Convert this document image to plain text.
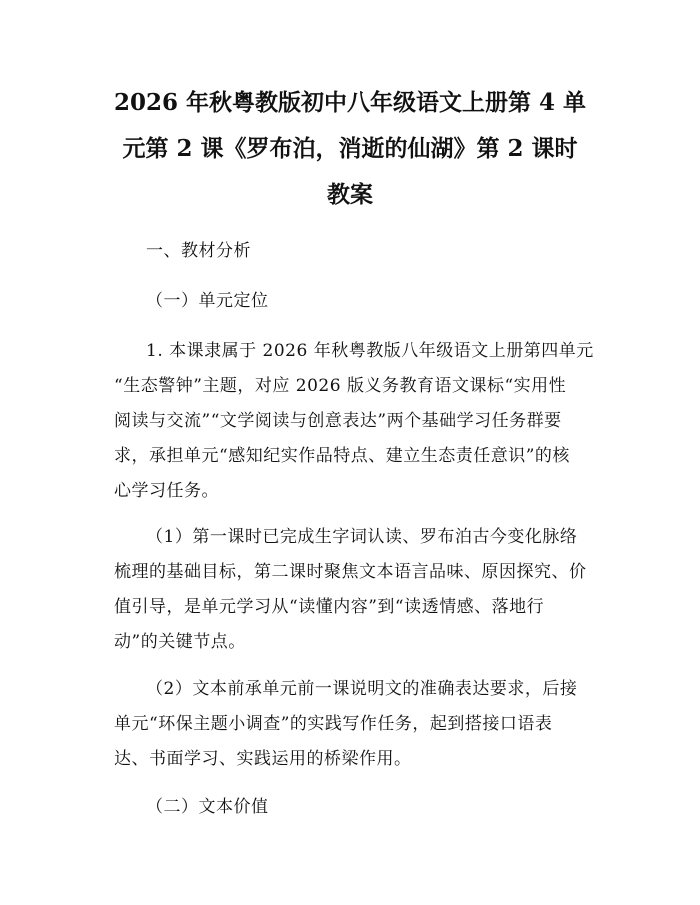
2026 年秋粤教版初中八年级语文上册第 4 单
元第 2 课《罗布泊，消逝的仙湖》第 2 课时
教案
一、教材分析
（一）单元定位
1. 本课隶属于 2026 年秋粤教版八年级语文上册第四单元
“生态警钟”主题，对应 2026 版义务教育语文课标“实用性
阅读与交流”“文学阅读与创意表达”两个基础学习任务群要
求，承担单元“感知纪实作品特点、建立生态责任意识”的核
心学习任务。
（1）第一课时已完成生字词认读、罗布泊古今变化脉络
梳理的基础目标，第二课时聚焦文本语言品味、原因探究、价
值引导，是单元学习从“读懂内容”到“读透情感、落地行
动”的关键节点。
（2）文本前承单元前一课说明文的准确表达要求，后接
单元“环保主题小调查”的实践写作任务，起到搭接口语表
达、书面学习、实践运用的桥梁作用。
（二）文本价值
